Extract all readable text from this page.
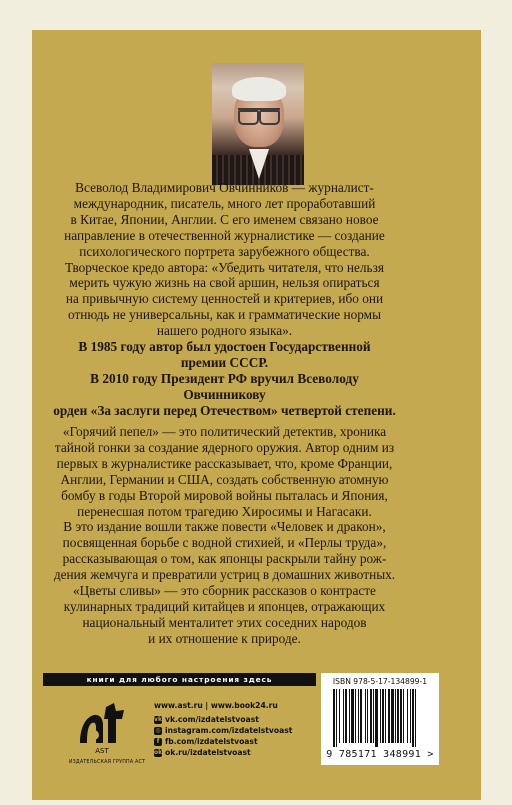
Всеволод Владимирович Овчинников — журналист-
международник, писатель, много лет проработавший
в Китае, Японии, Англии. С его именем связано новое
направление в отечественной журналистике — создание
психологического портрета зарубежного общества.

Творческое кредо автора: «Убедить читателя, что нельзя
мерить чужую жизнь на свой аршин, нельзя опираться
на привычную систему ценностей и критериев, ибо они
отнюдь не универсальны, как и грамматические нормы
нашего родного языка».

В 1985 году автор был удостоен Государственной
премии СССР.

В 2010 году Президент РФ вручил Всеволоду Овчинникову
орден «За заслуги перед Отечеством» четвертой степени.

«Горячий пепел» — это политический детектив, хроника
тайной гонки за создание ядерного оружия. Автор одним из
первых в журналистике рассказывает, что, кроме Франции,
Англии, Германии и США, создать собственную атомную
бомбу в годы Второй мировой войны пыталась и Япония,
перенесшая потом трагедию Хиросимы и Нагасаки.

В это издание вошли также повести «Человек и дракон»,
посвященная борьбе с водной стихией, и «Перлы труда»,
рассказывающая о том, как японцы раскрыли тайну рож-
дения жемчуга и превратили устриц в домашних животных.

«Цветы сливы» — это сборник рассказов о контрасте
кулинарных традиций китайцев и японцев, отражающих
национальный менталитет этих соседних народов
и их отношение к природе.

книги для любого настроения здесь
AST
ИЗДАТЕЛЬСКАЯ ГРУППА АСТ
www.ast.ru | www.book24.ru
vk vk.com/izdatelstvoast
◎ instagram.com/izdatelstvoast
f fb.com/izdatelstvoast
ok ok.ru/izdatelstvoast
ISBN 978-5-17-134899-1
9 785171 348991 >
